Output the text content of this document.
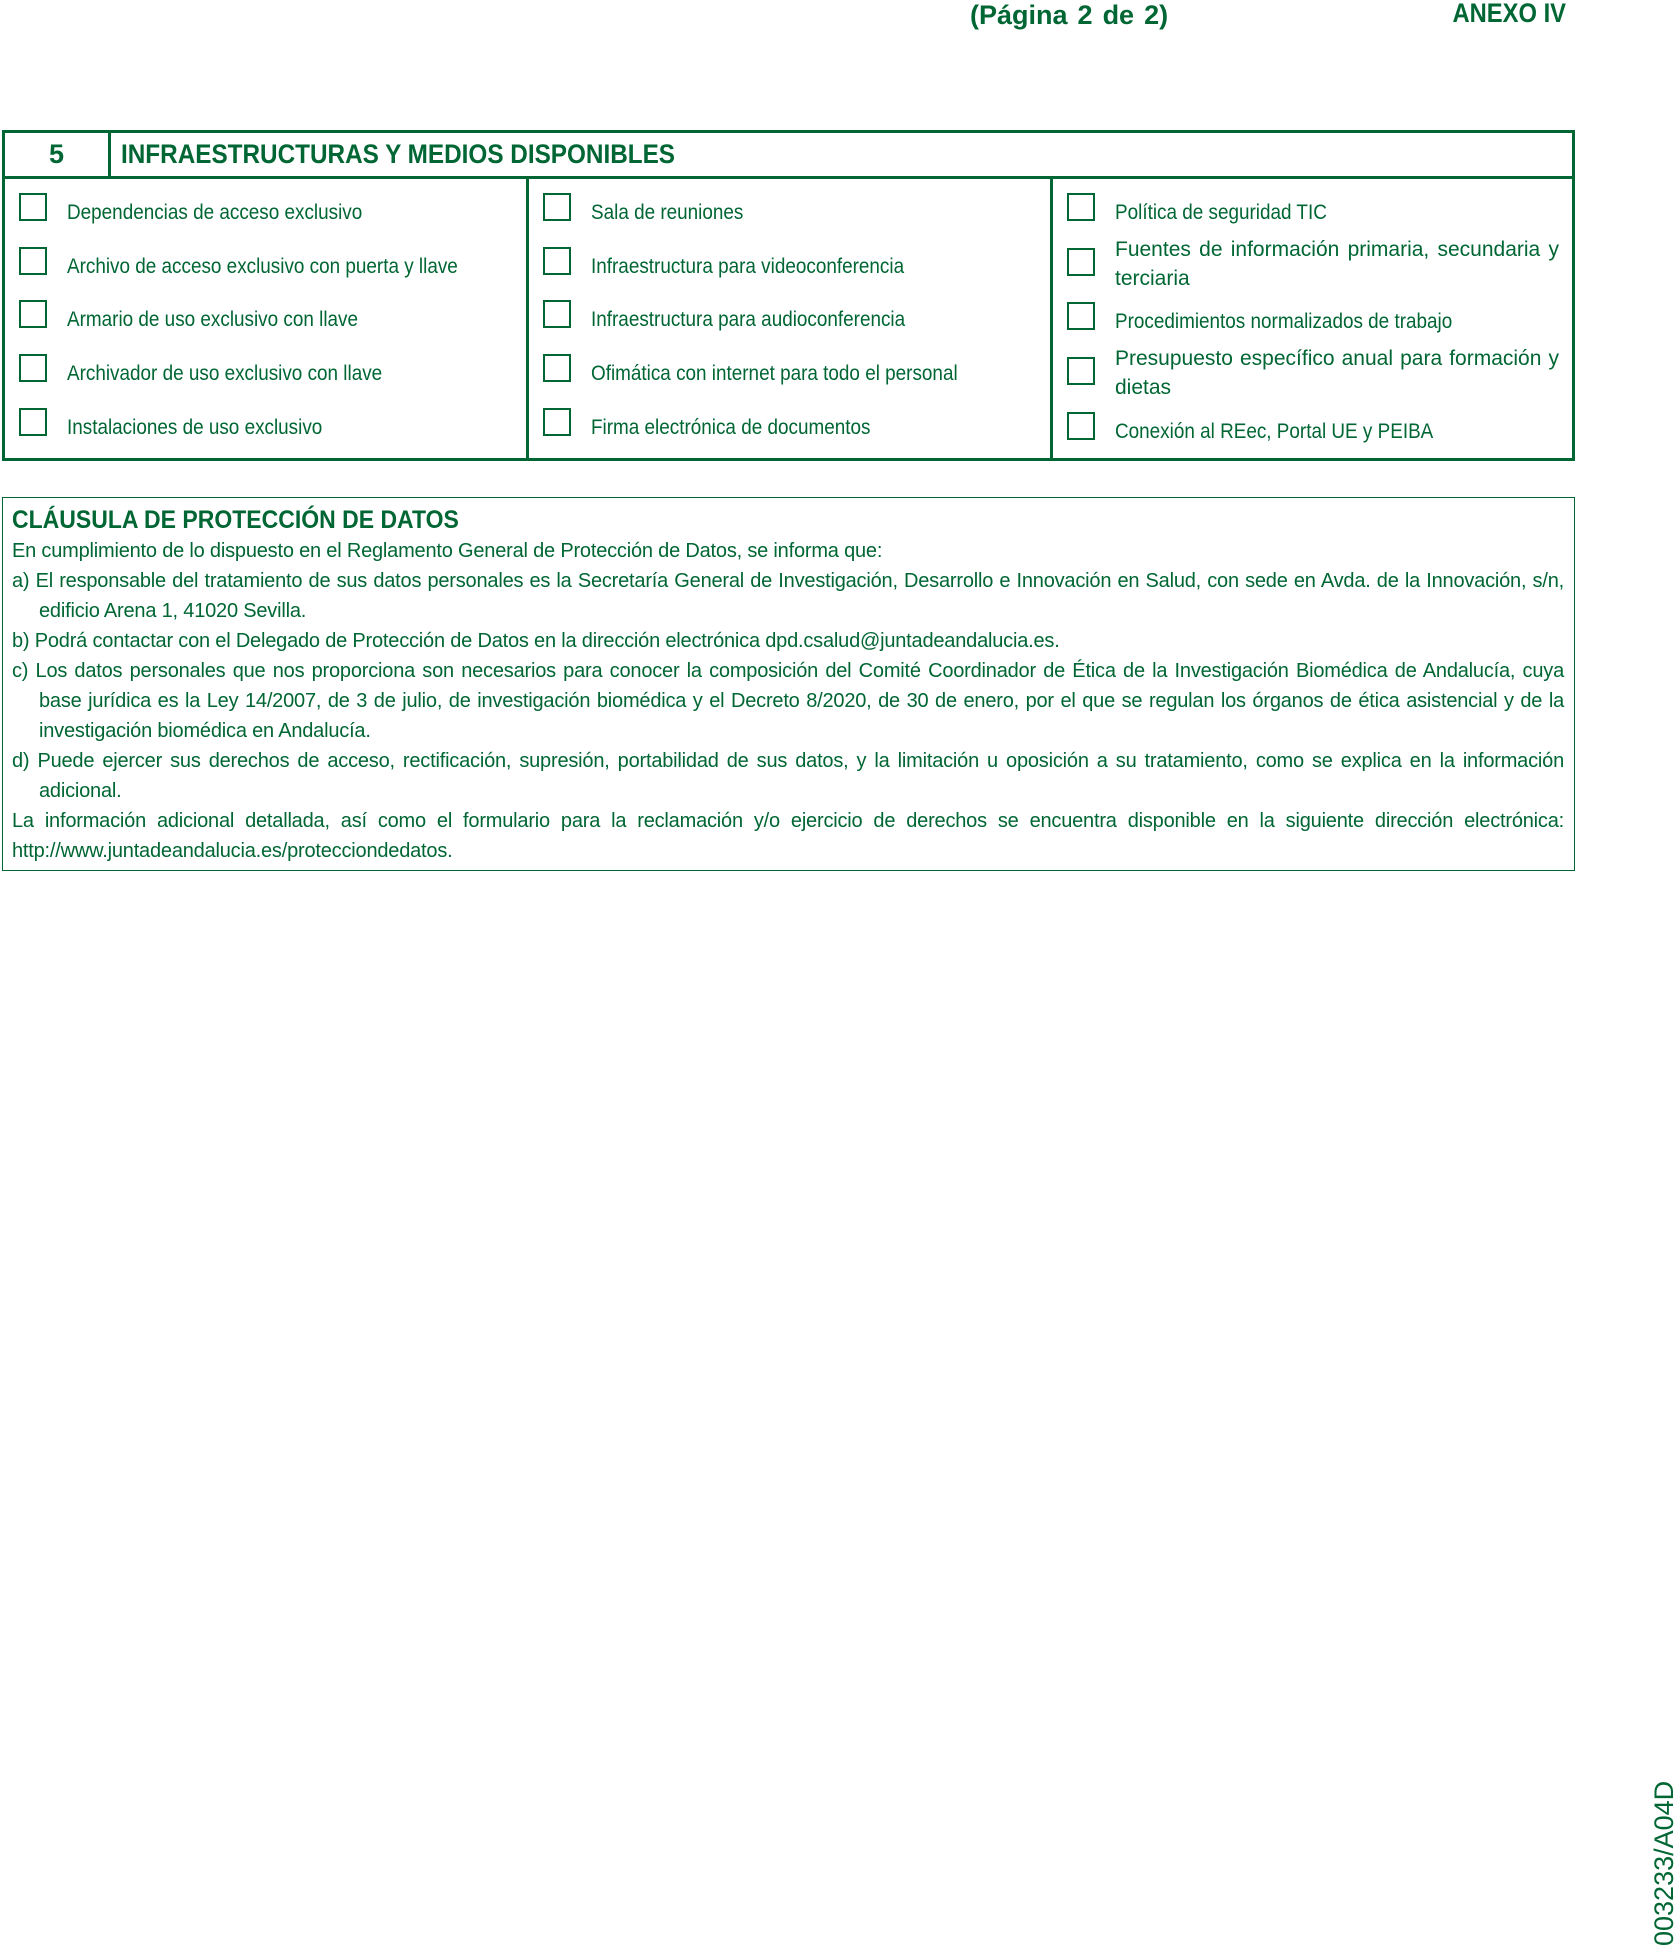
(Página 2 de 2)	ANEXO IV
5	INFRAESTRUCTURAS Y MEDIOS DISPONIBLES
Dependencias de acceso exclusivo
Archivo de acceso exclusivo con puerta y llave
Armario de uso exclusivo con llave
Archivador de uso exclusivo con llave
Instalaciones de uso exclusivo
Sala de reuniones
Infraestructura para videoconferencia
Infraestructura para audioconferencia
Ofimática con internet para todo el personal
Firma electrónica de documentos
Política de seguridad TIC
Fuentes de información primaria, secundaria y terciaria
Procedimientos normalizados de trabajo
Presupuesto específico anual para formación y dietas
Conexión al REec, Portal UE y PEIBA
CLÁUSULA DE PROTECCIÓN DE DATOS

En cumplimiento de lo dispuesto en el Reglamento General de Protección de Datos, se informa que:

a) El responsable del tratamiento de sus datos personales es la Secretaría General de Investigación, Desarrollo e Innovación en Salud, con sede en Avda. de la Innovación, s/n, edificio Arena 1, 41020 Sevilla.

b) Podrá contactar con el Delegado de Protección de Datos en la dirección electrónica dpd.csalud@juntadeandalucia.es.

c) Los datos personales que nos proporciona son necesarios para conocer la composición del Comité Coordinador de Ética de la Investigación Biomédica de Andalucía, cuya base jurídica es la Ley 14/2007, de 3 de julio, de investigación biomédica y el Decreto 8/2020, de 30 de enero, por el que se regulan los órganos de ética asistencial y de la investigación biomédica en Andalucía.

d) Puede ejercer sus derechos de acceso, rectificación, supresión, portabilidad de sus datos, y la limitación u oposición a su tratamiento, como se explica en la información adicional.

La información adicional detallada, así como el formulario para la reclamación y/o ejercicio de derechos se encuentra disponible en la siguiente dirección electrónica: http://www.juntadeandalucia.es/protecciondedatos.

003233/A04D
